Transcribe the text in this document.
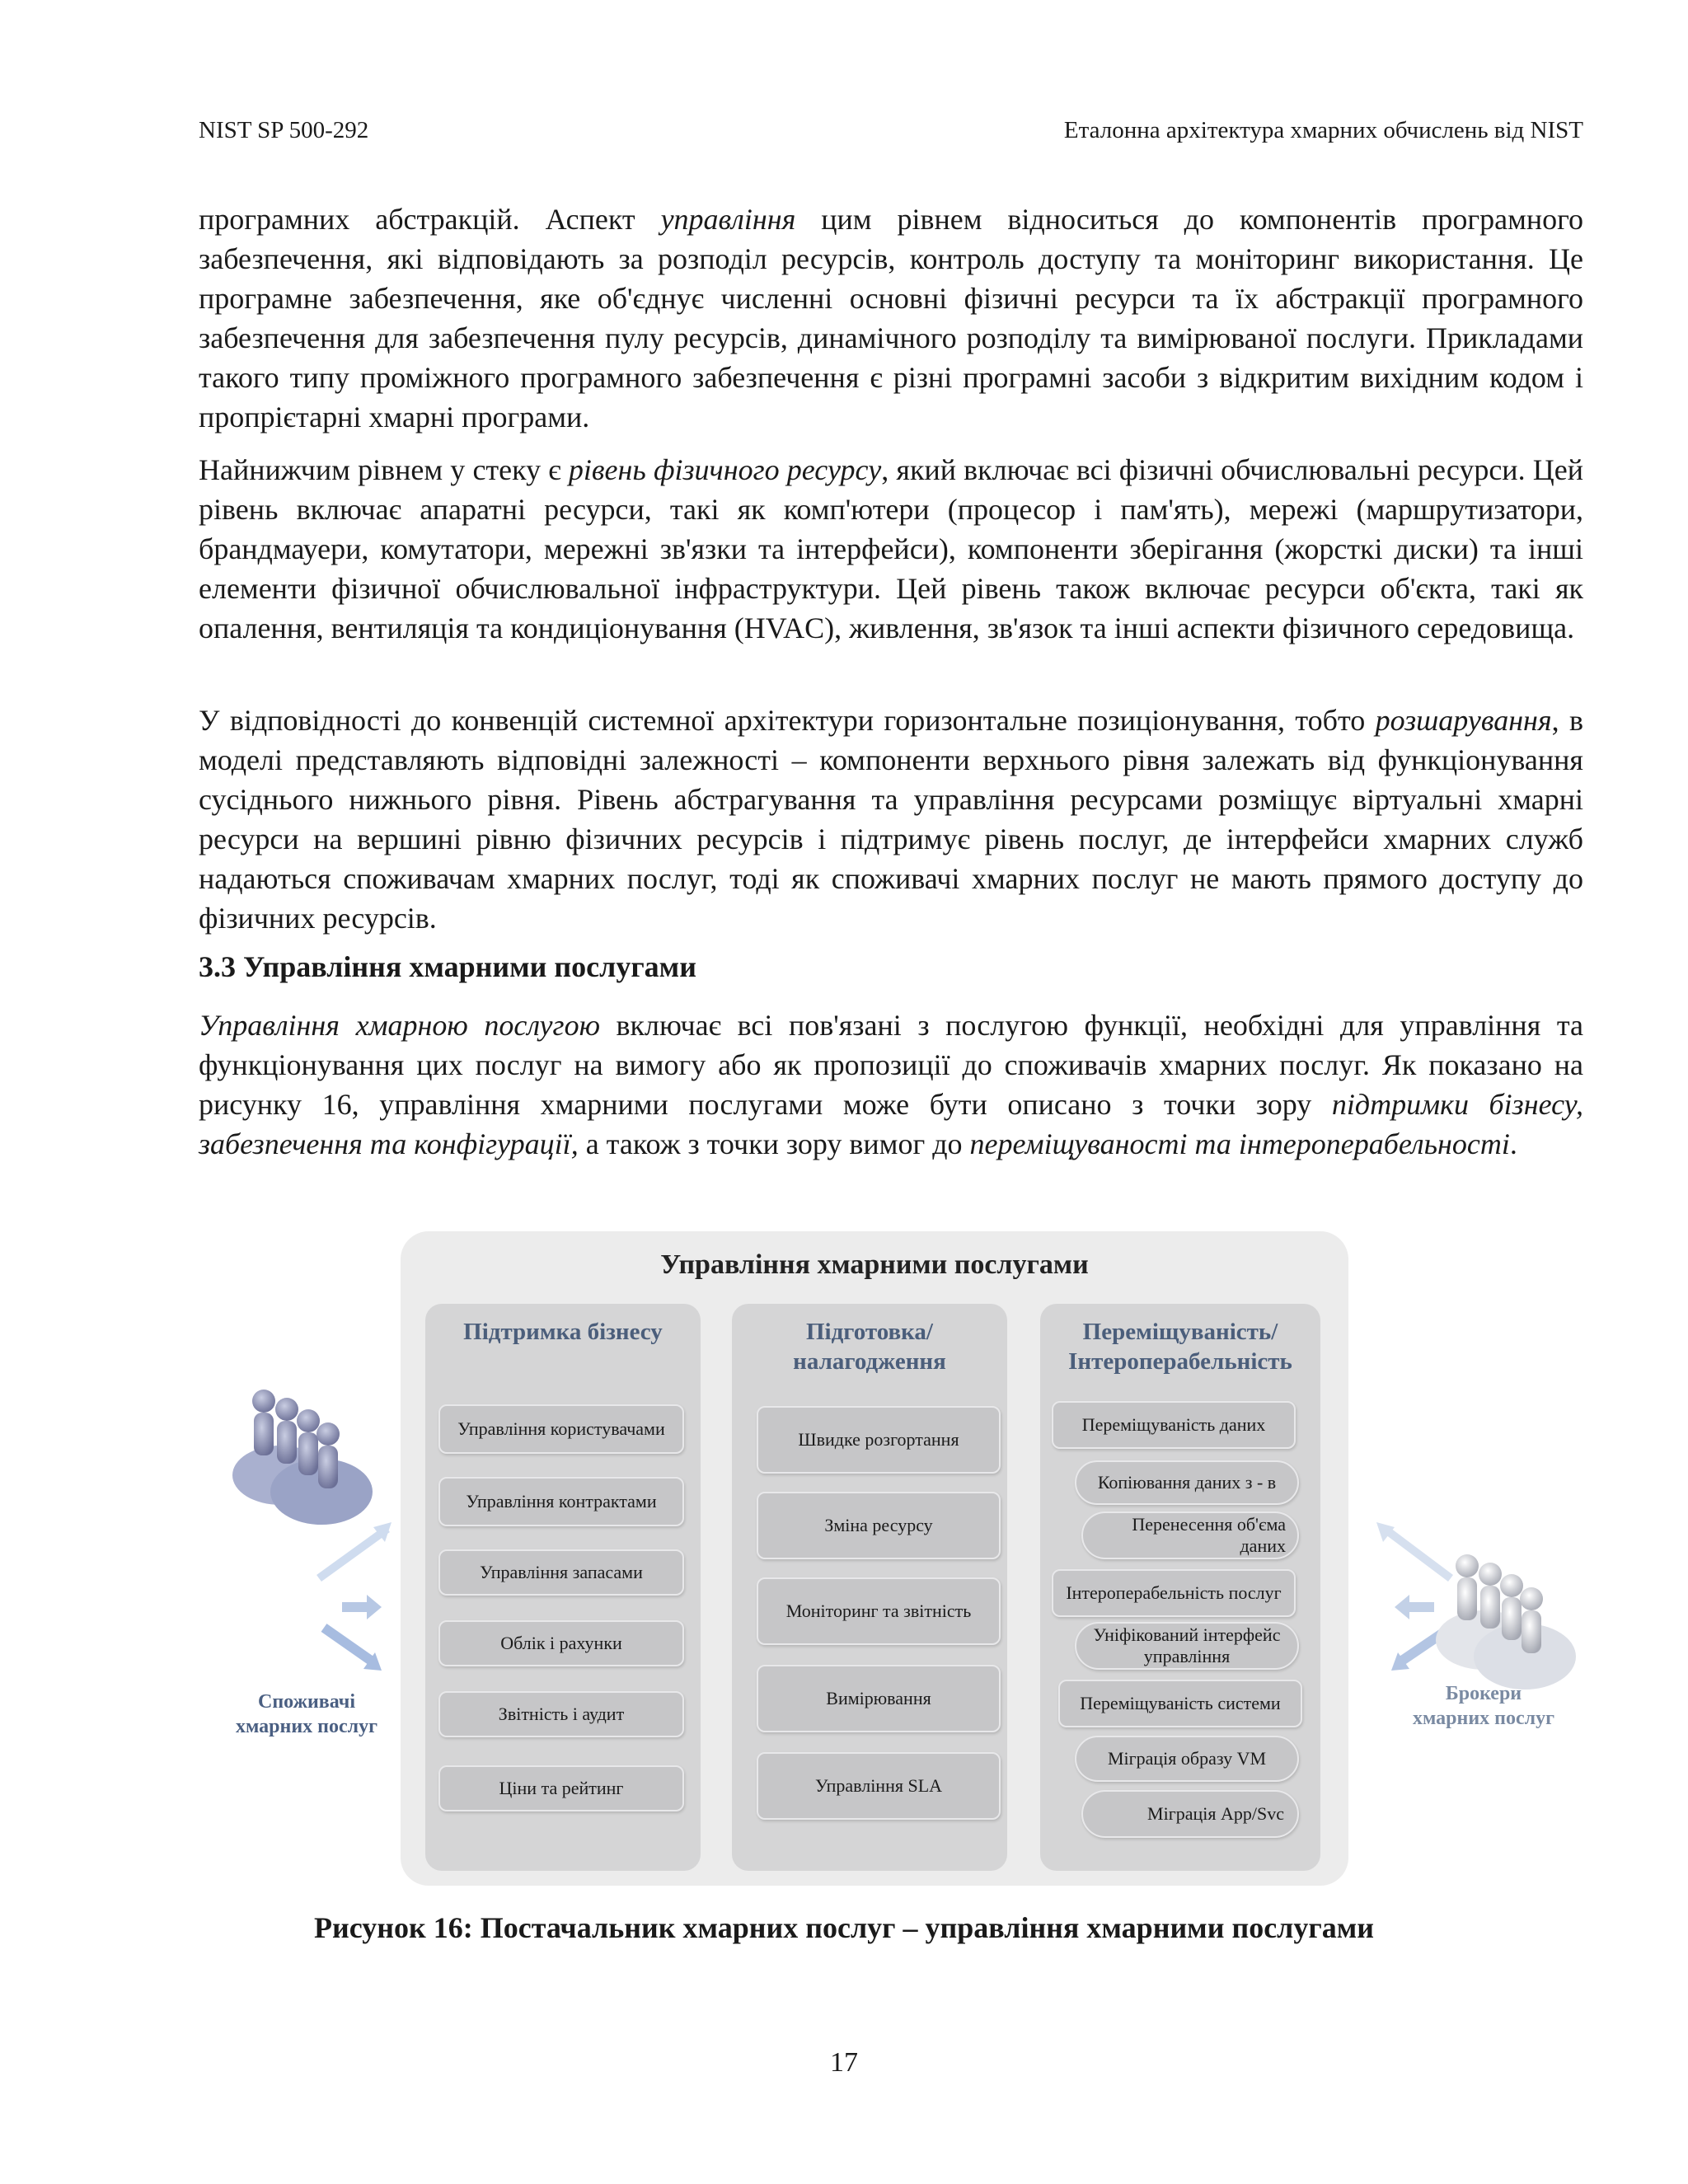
NIST SP 500-292	Еталонна архітектура хмарних обчислень від NIST

програмних абстракцій. Аспект управління цим рівнем відноситься до компонентів програмного забезпечення, які відповідають за розподіл ресурсів, контроль доступу та моніторинг використання. Це програмне забезпечення, яке об'єднує численні основні фізичні ресурси та їх абстракції програмного забезпечення для забезпечення пулу ресурсів, динамічного розподілу та вимірюваної послуги. Прикладами такого типу проміжного програмного забезпечення є різні програмні засоби з відкритим вихідним кодом і пропрієтарні хмарні програми.

Найнижчим рівнем у стеку є рівень фізичного ресурсу, який включає всі фізичні обчислювальні ресурси. Цей рівень включає апаратні ресурси, такі як комп'ютери (процесор і пам'ять), мережі (маршрутизатори, брандмауери, комутатори, мережні зв'язки та інтерфейси), компоненти зберігання (жорсткі диски) та інші елементи фізичної обчислювальної інфраструктури. Цей рівень також включає ресурси об'єкта, такі як опалення, вентиляція та кондиціонування (HVAC), живлення, зв'язок та інші аспекти фізичного середовища.

У відповідності до конвенцій системної архітектури горизонтальне позиціонування, тобто розшарування, в моделі представляють відповідні залежності – компоненти верхнього рівня залежать від функціонування сусіднього нижнього рівня. Рівень абстрагування та управління ресурсами розміщує віртуальні хмарні ресурси на вершині рівню фізичних ресурсів і підтримує рівень послуг, де інтерфейси хмарних служб надаються споживачам хмарних послуг, тоді як споживачі хмарних послуг не мають прямого доступу до фізичних ресурсів.

3.3 Управління хмарними послугами

Управління хмарною послугою включає всі пов'язані з послугою функції, необхідні для управління та функціонування цих послуг на вимогу або як пропозиції до споживачів хмарних послуг. Як показано на рисунку 16, управління хмарними послугами може бути описано з точки зору підтримки бізнесу, забезпечення та конфігурації, а також з точки зору вимог до переміщуваності та інтероперабельності.

Споживачі хмарних послуг
Брокери хмарних послуг
Управління хмарними послугами
Підтримка бізнесу
Управління користувачами
Управління контрактами
Управління запасами
Облік і рахунки
Звітність і аудит
Ціни та рейтинг
Підготовка/ налагодження
Швидке розгортання
Зміна ресурсу
Моніторинг та звітність
Вимірювання
Управління SLA
Переміщуваність/ Інтероперабельність
Переміщуваність даних
Копіювання даних з - в
Перенесення об'єма даних
Інтероперабельність послуг
Уніфікований інтерфейс управління
Переміщуваність системи
Міграція образу VM
Міграція App/Svc
Рисунок 16: Постачальник хмарних послуг – управління хмарними послугами
17
